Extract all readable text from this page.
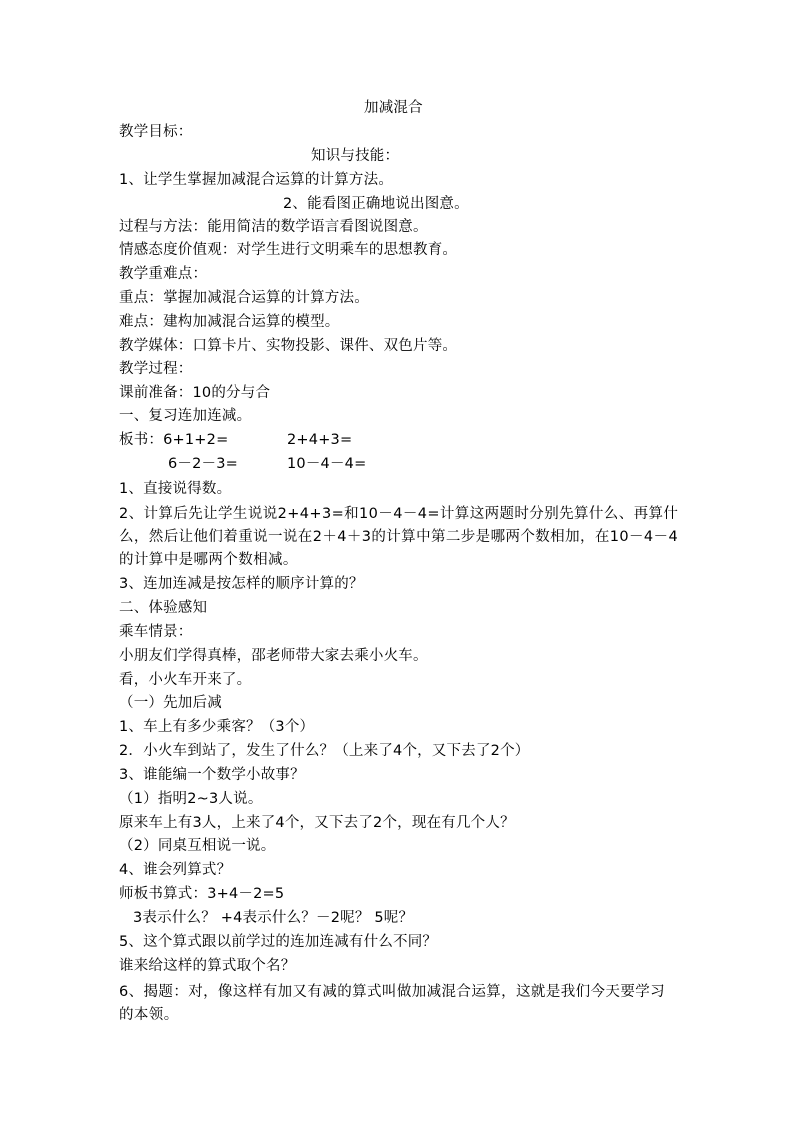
加减混合
教学目标：
知识与技能：
1、让学生掌握加减混合运算的计算方法。
2、能看图正确地说出图意。
过程与方法：能用简洁的数学语言看图说图意。
情感态度价值观：对学生进行文明乘车的思想教育。
教学重难点：
重点：掌握加减混合运算的计算方法。
难点：建构加减混合运算的模型。
教学媒体：口算卡片、实物投影、课件、双色片等。
教学过程：
课前准备：10的分与合
一、复习连加连减。
板书：6+1+2=	2+4+3=
6－2－3=	10－4－4=
1、直接说得数。
2、计算后先让学生说说2+4+3=和10－4－4=计算这两题时分别先算什么、再算什么，然后让他们着重说一说在2＋4＋3的计算中第二步是哪两个数相加，在10－4－4的计算中是哪两个数相减。
3、连加连减是按怎样的顺序计算的？
二、体验感知
乘车情景：
小朋友们学得真棒，邵老师带大家去乘小火车。
看，小火车开来了。
（一）先加后减
1、车上有多少乘客？（3个）
2．小火车到站了，发生了什么？（上来了4个，又下去了2个）
3、谁能编一个数学小故事？
（1）指明2~3人说。
原来车上有3人，上来了4个，又下去了2个，现在有几个人？
（2）同桌互相说一说。
4、谁会列算式？
师板书算式：3+4－2=5
3表示什么？ +4表示什么？－2呢？ 5呢？
5、这个算式跟以前学过的连加连减有什么不同？
谁来给这样的算式取个名？
6、揭题：对，像这样有加又有减的算式叫做加减混合运算，这就是我们今天要学习的本领。
